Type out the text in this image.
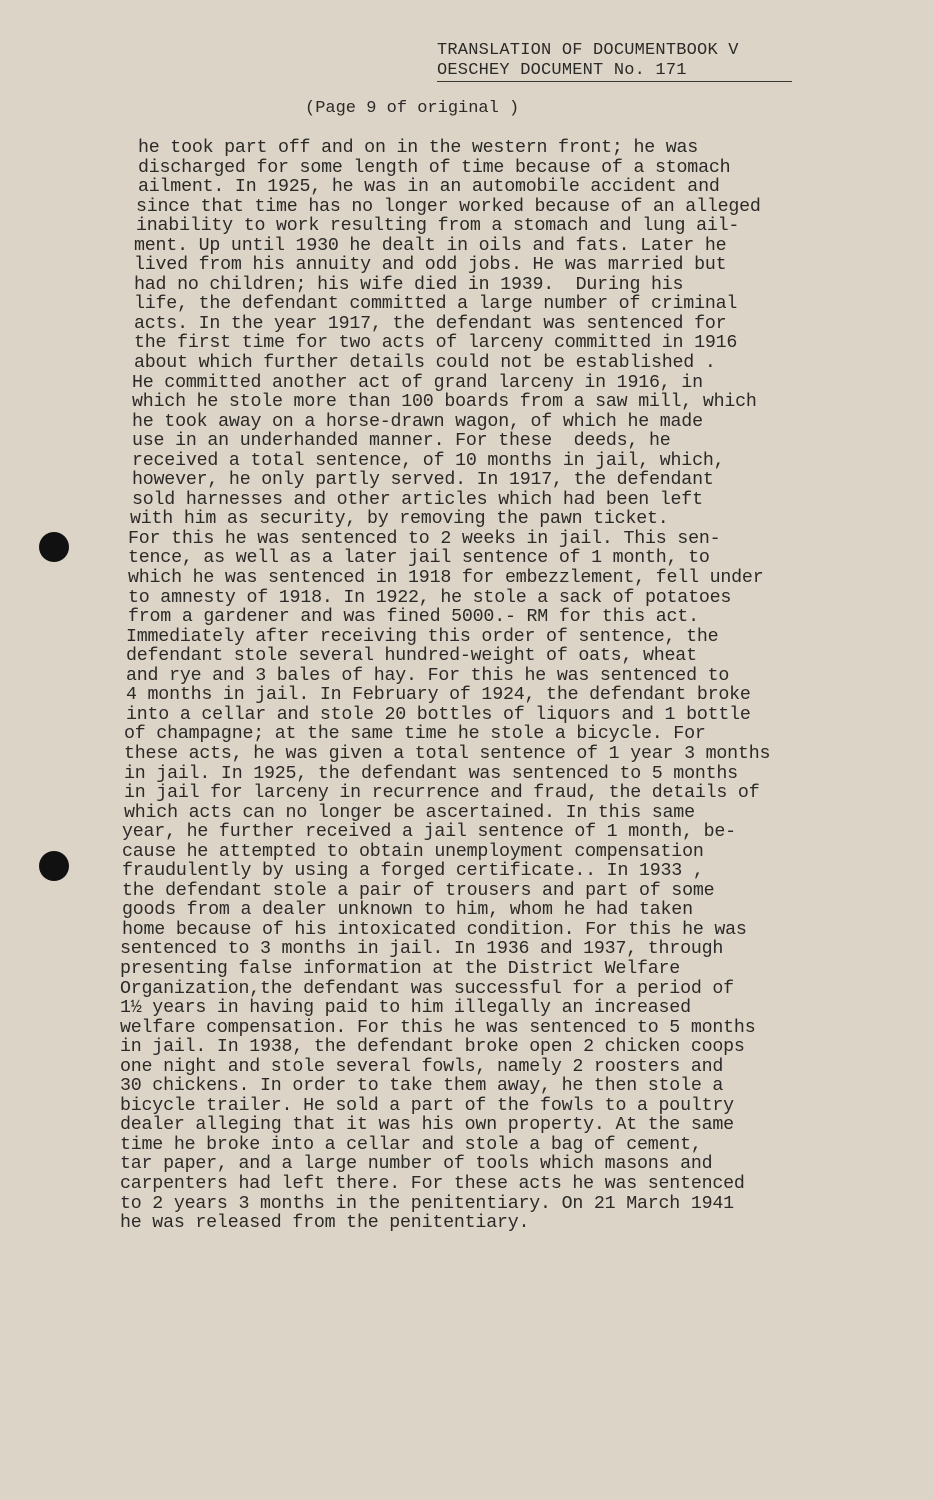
TRANSLATION OF DOCUMENTBOOK V
OESCHEY DOCUMENT No. 171
(Page 9 of original )
he took part off and on in the western front; he was
discharged for some length of time because of a stomach
ailment. In 1925, he was in an automobile accident and
since that time has no longer worked because of an alleged
inability to work resulting from a stomach and lung ail-
ment. Up until 1930 he dealt in oils and fats. Later he
lived from his annuity and odd jobs. He was married but
had no children; his wife died in 1939.  During his
life, the defendant committed a large number of criminal
acts. In the year 1917, the defendant was sentenced for
the first time for two acts of larceny committed in 1916
about which further details could not be established .
He committed another act of grand larceny in 1916, in
which he stole more than 100 boards from a saw mill, which
he took away on a horse-drawn wagon, of which he made
use in an underhanded manner. For these  deeds, he
received a total sentence, of 10 months in jail, which,
however, he only partly served. In 1917, the defendant
sold harnesses and other articles which had been left
with him as security, by removing the pawn ticket.
For this he was sentenced to 2 weeks in jail. This sen-
tence, as well as a later jail sentence of 1 month, to
which he was sentenced in 1918 for embezzlement, fell under
to amnesty of 1918. In 1922, he stole a sack of potatoes
from a gardener and was fined 5000.- RM for this act.
Immediately after receiving this order of sentence, the
defendant stole several hundred-weight of oats, wheat
and rye and 3 bales of hay. For this he was sentenced to
4 months in jail. In February of 1924, the defendant broke
into a cellar and stole 20 bottles of liquors and 1 bottle
of champagne; at the same time he stole a bicycle. For
these acts, he was given a total sentence of 1 year 3 months
in jail. In 1925, the defendant was sentenced to 5 months
in jail for larceny in recurrence and fraud, the details of
which acts can no longer be ascertained. In this same
year, he further received a jail sentence of 1 month, be-
cause he attempted to obtain unemployment compensation
fraudulently by using a forged certificate.. In 1933 ,
the defendant stole a pair of trousers and part of some
goods from a dealer unknown to him, whom he had taken
home because of his intoxicated condition. For this he was
sentenced to 3 months in jail. In 1936 and 1937, through
presenting false information at the District Welfare
Organization,the defendant was successful for a period of
1½ years in having paid to him illegally an increased
welfare compensation. For this he was sentenced to 5 months
in jail. In 1938, the defendant broke open 2 chicken coops
one night and stole several fowls, namely 2 roosters and
30 chickens. In order to take them away, he then stole a
bicycle trailer. He sold a part of the fowls to a poultry
dealer alleging that it was his own property. At the same
time he broke into a cellar and stole a bag of cement,
tar paper, and a large number of tools which masons and
carpenters had left there. For these acts he was sentenced
to 2 years 3 months in the penitentiary. On 21 March 1941
he was released from the penitentiary.
